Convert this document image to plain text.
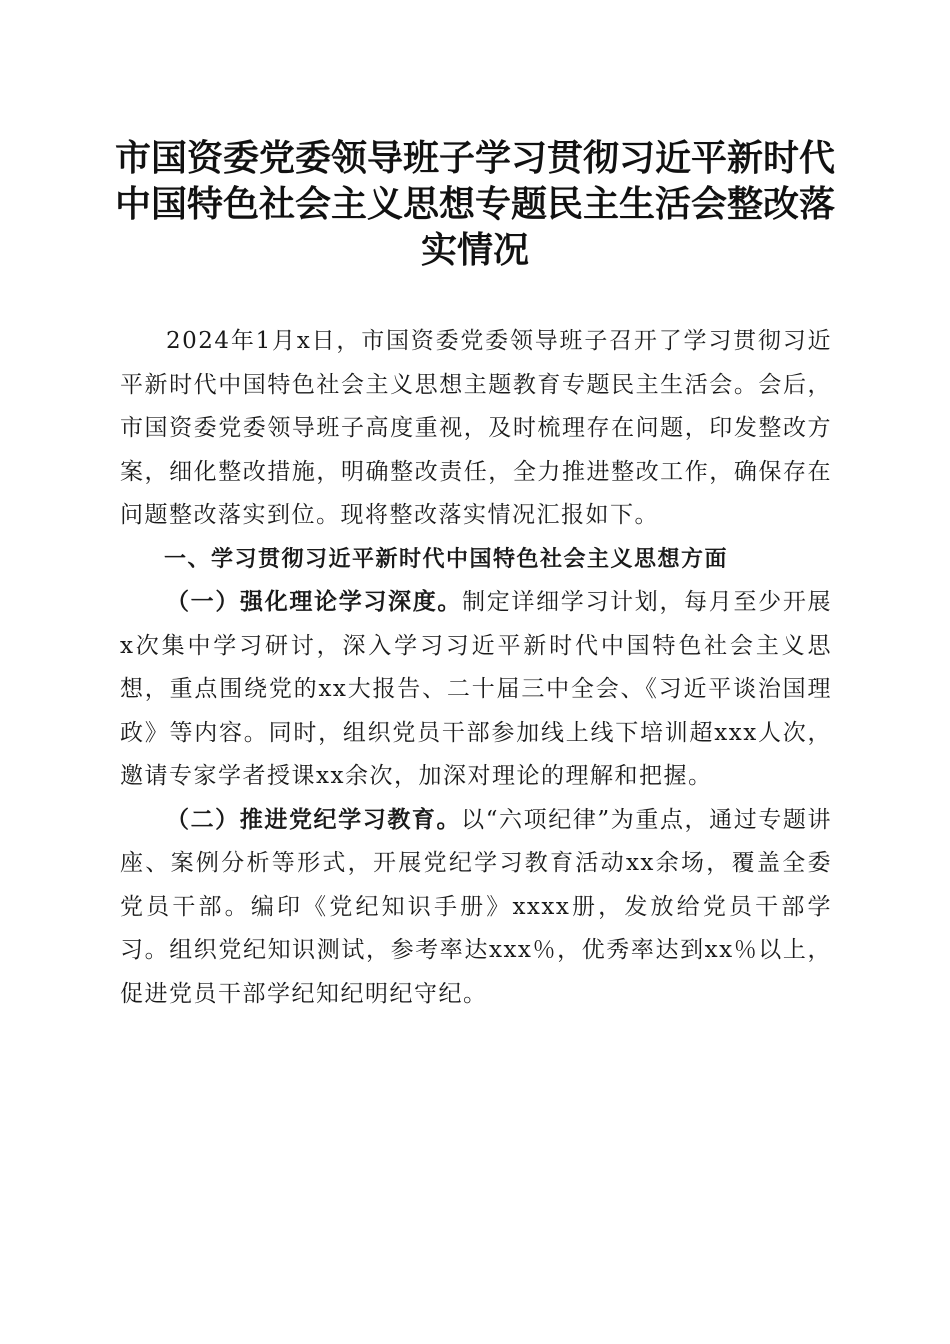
市国资委党委领导班子学习贯彻习近平新时代
中国特色社会主义思想专题民主生活会整改落
实情况

2024年1月x日，市国资委党委领导班子召开了学习贯彻习近平新时代中国特色社会主义思想主题教育专题民主生活会。会后，市国资委党委领导班子高度重视，及时梳理存在问题，印发整改方案，细化整改措施，明确整改责任，全力推进整改工作，确保存在问题整改落实到位。现将整改落实情况汇报如下。

一、学习贯彻习近平新时代中国特色社会主义思想方面

（一）强化理论学习深度。制定详细学习计划，每月至少开展x次集中学习研讨，深入学习习近平新时代中国特色社会主义思想，重点围绕党的xx大报告、二十届三中全会、《习近平谈治国理政》等内容。同时，组织党员干部参加线上线下培训超xxx人次，邀请专家学者授课xx余次，加深对理论的理解和把握。

（二）推进党纪学习教育。以“六项纪律”为重点，通过专题讲座、案例分析等形式，开展党纪学习教育活动xx余场，覆盖全委党员干部。编印《党纪知识手册》xxxx册，发放给党员干部学习。组织党纪知识测试，参考率达xxx％，优秀率达到xx％以上，促进党员干部学纪知纪明纪守纪。
